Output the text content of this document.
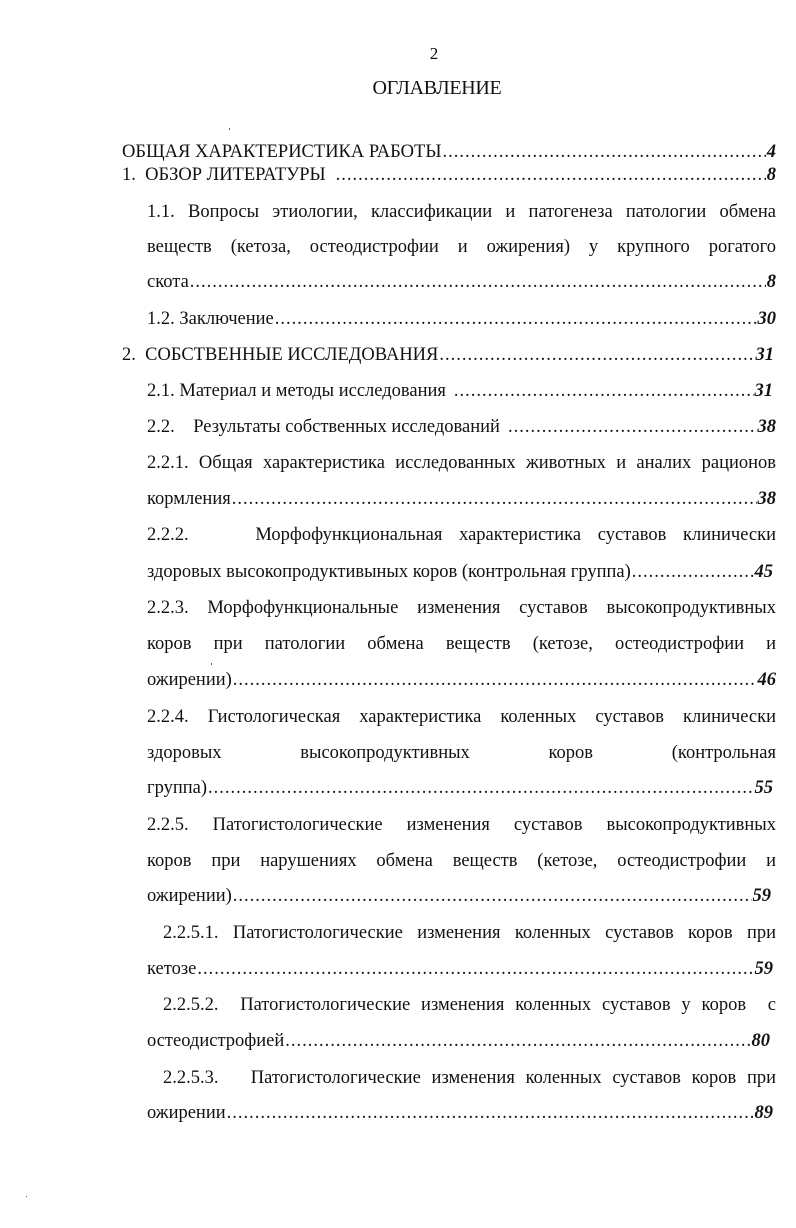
2
ОГЛАВЛЕНИЕ
ОБЩАЯ ХАРАКТЕРИСТИКА РАБОТЫ .....	4
1.  ОБЗОР ЛИТЕРАТУРЫ .....	8
1.1. Вопросы этиологии, классификации и патогенеза патологии обмена
веществ (кетоза, остеодистрофии и ожирения) у крупного рогатого
скота .....	8
1.2. Заключение .....	30
2.  СОБСТВЕННЫЕ ИССЛЕДОВАНИЯ .....	31
2.1. Материал и методы исследования .....	31
2.2.    Результаты собственных исследований .....	38
2.2.1. Общая характеристика исследованных животных и аналих рационов
кормления .....	38
2.2.2.    Морфофункциональная характеристика суставов клинически
здоровых высокопродуктивыных коров (контрольная группа) .....	45
2.2.3. Морфофункциональные изменения суставов высокопродуктивных
коров при патологии обмена веществ (кетозе, остеодистрофии и
ожирении) .....	46
2.2.4. Гистологическая характеристика коленных суставов клинически
здоровых	высокопродуктивных	коров	(контрольная
группа) .....	55
2.2.5. Патогистологические изменения суставов высокопродуктивных
коров при нарушениях обмена веществ (кетозе, остеодистрофии и
ожирении) .....	59
2.2.5.1. Патогистологические изменения коленных суставов коров при
кетозе .....	59
2.2.5.2.  Патогистологические изменения коленных суставов у коров  с
остеодистрофией .....	80
2.2.5.3.   Патогистологические изменения коленных суставов коров при
ожирении .....	89
